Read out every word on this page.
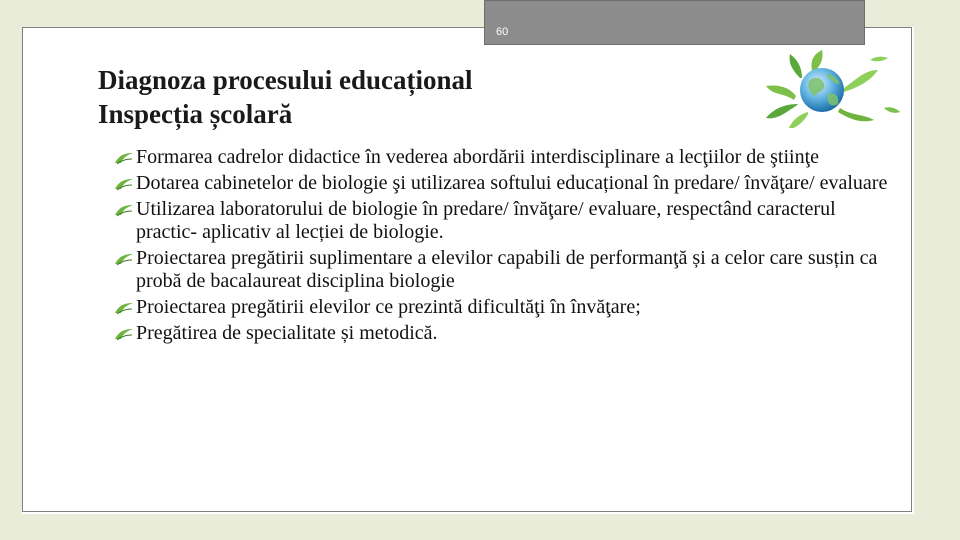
60
Diagnoza procesului educațional
Inspecția școlară
Formarea cadrelor didactice în vederea abordării interdisciplinare a lecţiilor de ştiinţe
Dotarea cabinetelor de biologie şi utilizarea softului educațional în predare/ învăţare/ evaluare
Utilizarea laboratorului de biologie în predare/ învăţare/ evaluare, respectând caracterul practic- aplicativ al lecției de biologie.
Proiectarea pregătirii suplimentare a elevilor capabili de performanţă și a celor care susțin ca probă de bacalaureat disciplina biologie
Proiectarea pregătirii elevilor ce prezintă dificultăţi în învăţare;
Pregătirea de specialitate și metodică.
